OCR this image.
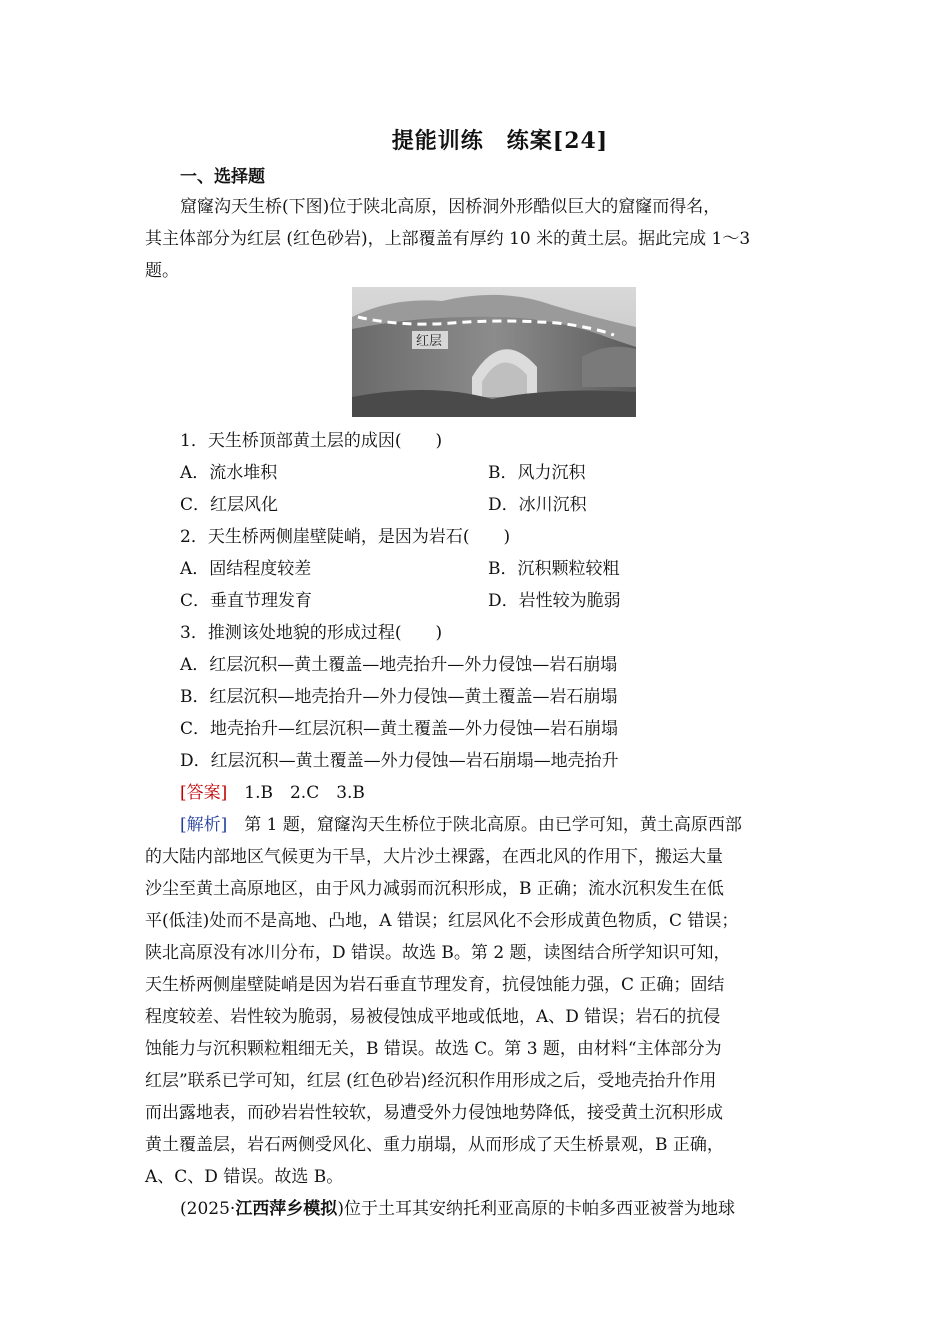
提能训练　练案[24]
一、选择题
窟窿沟天生桥(下图)位于陕北高原，因桥洞外形酷似巨大的窟窿而得名，
其主体部分为红层 (红色砂岩)，上部覆盖有厚约 10 米的黄土层。据此完成 1～3
题。
红层
1．天生桥顶部黄土层的成因(　　)
A．流水堆积	B．风力沉积
C．红层风化	D．冰川沉积
2．天生桥两侧崖壁陡峭，是因为岩石(　　)
A．固结程度较差	B．沉积颗粒较粗
C．垂直节理发育	D．岩性较为脆弱
3．推测该处地貌的形成过程(　　)
A．红层沉积—黄土覆盖—地壳抬升—外力侵蚀—岩石崩塌
B．红层沉积—地壳抬升—外力侵蚀—黄土覆盖—岩石崩塌
C．地壳抬升—红层沉积—黄土覆盖—外力侵蚀—岩石崩塌
D．红层沉积—黄土覆盖—外力侵蚀—岩石崩塌—地壳抬升
[答案]　 1.B　2.C　3.B
[解析]　 第 1 题，窟窿沟天生桥位于陕北高原。由已学可知，黄土高原西部
的大陆内部地区气候更为干旱，大片沙土裸露，在西北风的作用下，搬运大量
沙尘至黄土高原地区，由于风力减弱而沉积形成，B 正确；流水沉积发生在低
平(低洼)处而不是高地、凸地，A 错误；红层风化不会形成黄色物质，C 错误；
陕北高原没有冰川分布，D 错误。故选 B。第 2 题，读图结合所学知识可知，
天生桥两侧崖壁陡峭是因为岩石垂直节理发育，抗侵蚀能力强，C 正确；固结
程度较差、岩性较为脆弱，易被侵蚀成平地或低地，A、D 错误；岩石的抗侵
蚀能力与沉积颗粒粗细无关，B 错误。故选 C。第 3 题，由材料“主体部分为
红层”联系已学可知，红层 (红色砂岩)经沉积作用形成之后，受地壳抬升作用
而出露地表，而砂岩岩性较软，易遭受外力侵蚀地势降低，接受黄土沉积形成
黄土覆盖层，岩石两侧受风化、重力崩塌，从而形成了天生桥景观，B 正确，
A、C、D 错误。故选 B。
(2025·江西萍乡模拟)位于土耳其安纳托利亚高原的卡帕多西亚被誉为地球
